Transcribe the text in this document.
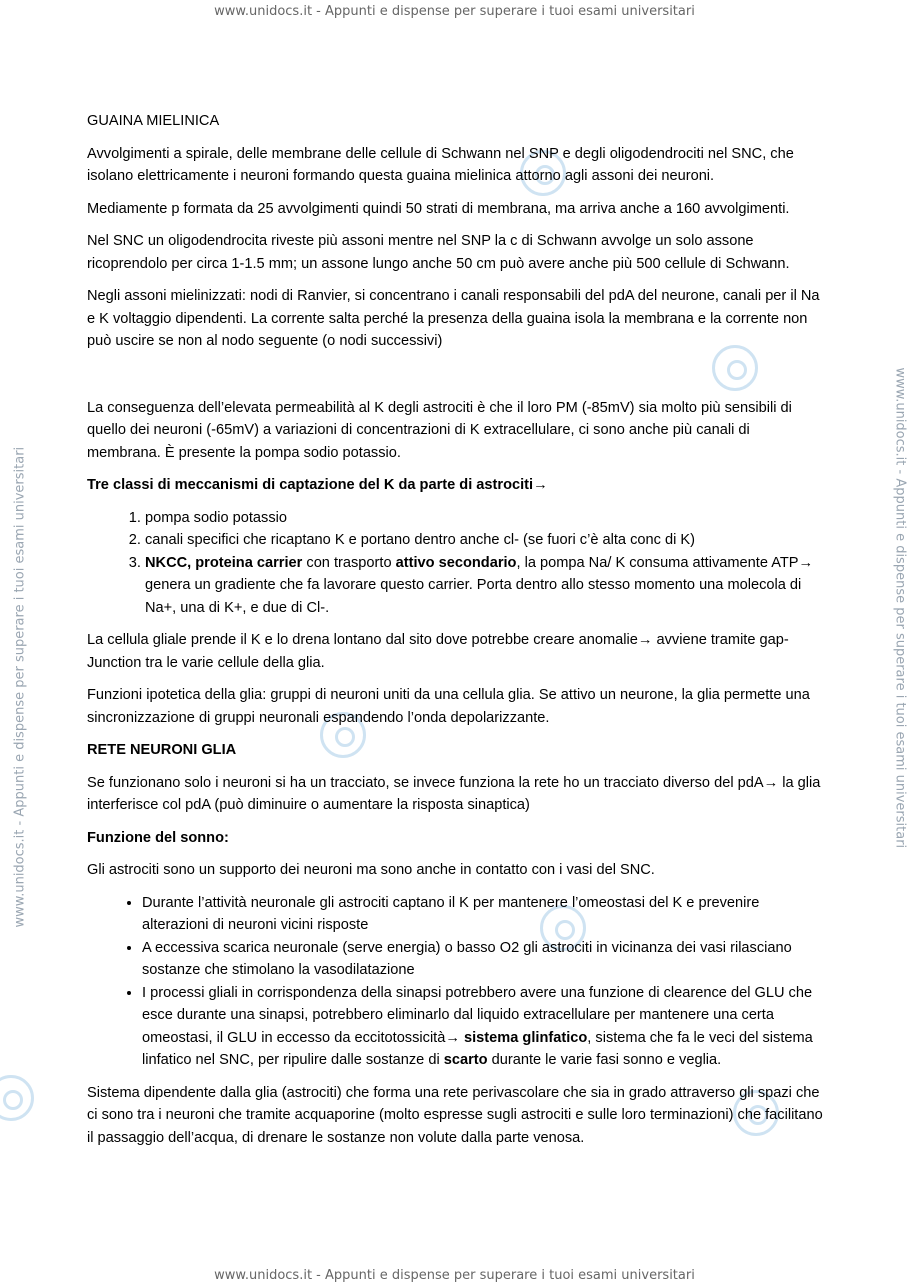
www.unidocs.it - Appunti e dispense per superare i tuoi esami universitari
www.unidocs.it - Appunti e dispense per superare i tuoi esami universitari
www.unidocs.it - Appunti e dispense per superare i tuoi esami universitari	www.unidocs.it - Appunti e dispense per superare i tuoi esami universitari

GUAINA MIELINICA

Avvolgimenti a spirale, delle membrane delle cellule di Schwann nel SNP e degli oligodendrociti nel SNC, che isolano elettricamente i neuroni formando questa guaina mielinica attorno agli assoni dei neuroni.

Mediamente p formata da 25 avvolgimenti quindi 50 strati di membrana, ma arriva anche a 160 avvolgimenti.

Nel SNC un oligodendrocita riveste più assoni mentre nel SNP la c di Schwann avvolge un solo assone ricoprendolo per circa 1-1.5 mm; un assone lungo anche 50 cm può avere anche più 500 cellule di Schwann.

Negli assoni mielinizzati: nodi di Ranvier, si concentrano i canali responsabili del pdA del neurone, canali per il Na e K voltaggio dipendenti. La corrente salta perché la presenza della guaina isola la membrana e la corrente non può uscire se non al nodo seguente (o nodi successivi)

La conseguenza dell’elevata permeabilità al K degli astrociti è che il loro PM (-85mV) sia molto più sensibili di quello dei neuroni (-65mV) a variazioni di concentrazioni di K extracellulare, ci sono anche più canali di membrana. È presente la pompa sodio potassio.

Tre classi di meccanismi di captazione del K da parte di astrociti→

1. pompa sodio potassio
2. canali specifici che ricaptano K e portano dentro anche cl- (se fuori c’è alta conc di K)
3. NKCC, proteina carrier con trasporto attivo secondario, la pompa Na/ K consuma attivamente ATP→ genera un gradiente che fa lavorare questo carrier. Porta dentro allo stesso momento una molecola di Na+, una di K+, e due di Cl-.

La cellula gliale prende il K e lo drena lontano dal sito dove potrebbe creare anomalie→ avviene tramite gap-Junction tra le varie cellule della glia.

Funzioni ipotetica della glia: gruppi di neuroni uniti da una cellula glia. Se attivo un neurone, la glia permette una sincronizzazione di gruppi neuronali espandendo l’onda depolarizzante.

RETE NEURONI GLIA

Se funzionano solo i neuroni si ha un tracciato, se invece funziona la rete ho un tracciato diverso del pdA→ la glia interferisce col pdA (può diminuire o aumentare la risposta sinaptica)

Funzione del sonno:

Gli astrociti sono un supporto dei neuroni ma sono anche in contatto con i vasi del SNC.

• Durante l’attività neuronale gli astrociti captano il K per mantenere l’omeostasi del K e prevenire alterazioni di neuroni vicini risposte
• A eccessiva scarica neuronale (serve energia) o basso O2 gli astrociti in vicinanza dei vasi rilasciano sostanze che stimolano la vasodilatazione
• I processi gliali in corrispondenza della sinapsi potrebbero avere una funzione di clearence del GLU che esce durante una sinapsi, potrebbero eliminarlo dal liquido extracellulare per mantenere una certa omeostasi, il GLU in eccesso da eccitotossicità→ sistema glinfatico, sistema che fa le veci del sistema linfatico nel SNC, per ripulire dalle sostanze di scarto durante le varie fasi sonno e veglia.

Sistema dipendente dalla glia (astrociti) che forma una rete perivascolare che sia in grado attraverso gli spazi che ci sono tra i neuroni che tramite acquaporine (molto espresse sugli astrociti e sulle loro terminazioni) che facilitano il passaggio dell’acqua, di drenare le sostanze non volute dalla parte venosa.
